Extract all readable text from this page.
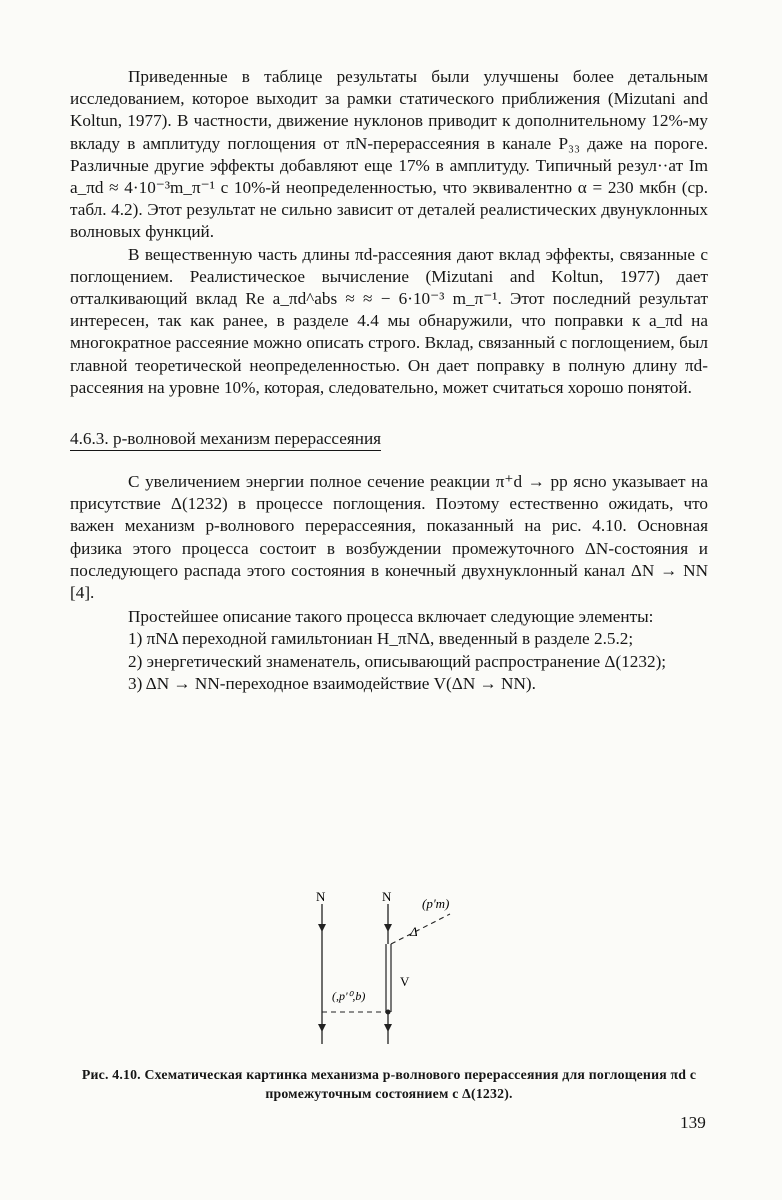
Приведенные в таблице результаты были улучшены более детальным исследованием, которое выходит за рамки статического приближения (Mizutani and Koltun, 1977). В частности, движение нуклонов приводит к дополнительному 12%-му вкладу в амплитуду поглощения от πN-перерассеяния в канале P₃₃ даже на пороге. Различные другие эффекты добавляют еще 17% в амплитуду. Типичный резул··ат Im a_πd ≈ 4·10⁻³m_π⁻¹ с 10%-й неопределенностью, что эквивалентно α = 230 мкбн (ср. табл. 4.2). Этот результат не сильно зависит от деталей реалистических двунуклонных волновых функций.

В вещественную часть длины πd-рассеяния дают вклад эффекты, связанные с поглощением. Реалистическое вычисление (Mizutani and Koltun, 1977) дает отталкивающий вклад Re a_πd^abs ≈ ≈ − 6·10⁻³ m_π⁻¹. Этот последний результат интересен, так как ранее, в разделе 4.4 мы обнаружили, что поправки к a_πd на многократное рассеяние можно описать строго. Вклад, связанный с поглощением, был главной теоретической неопределенностью. Он дает поправку в полную длину πd-рассеяния на уровне 10%, которая, следовательно, может считаться хорошо понятой.

4.6.3. p-волновой механизм перерассеяния

С увеличением энергии полное сечение реакции π⁺d → pp ясно указывает на присутствие Δ(1232) в процессе поглощения. Поэтому естественно ожидать, что важен механизм p-волнового перерассеяния, показанный на рис. 4.10. Основная физика этого процесса состоит в возбуждении промежуточного ΔN-состояния и последующего распада этого состояния в конечный двухнуклонный канал ΔN → NN [4].

Простейшее описание такого процесса включает следующие элементы:

1) πNΔ переходной гамильтониан H_πNΔ, введенный в разделе 2.5.2;

2) энергетический знаменатель, описывающий распространение Δ(1232);

3) ΔN → NN-переходное взаимодействие V(ΔN → NN).

N	N (p'm)
Δ
V
(,p'⁰,b)
Рис. 4.10. Схематическая картинка механизма p-волнового перерассеяния для поглощения πd с промежуточным состоянием с Δ(1232).
139
